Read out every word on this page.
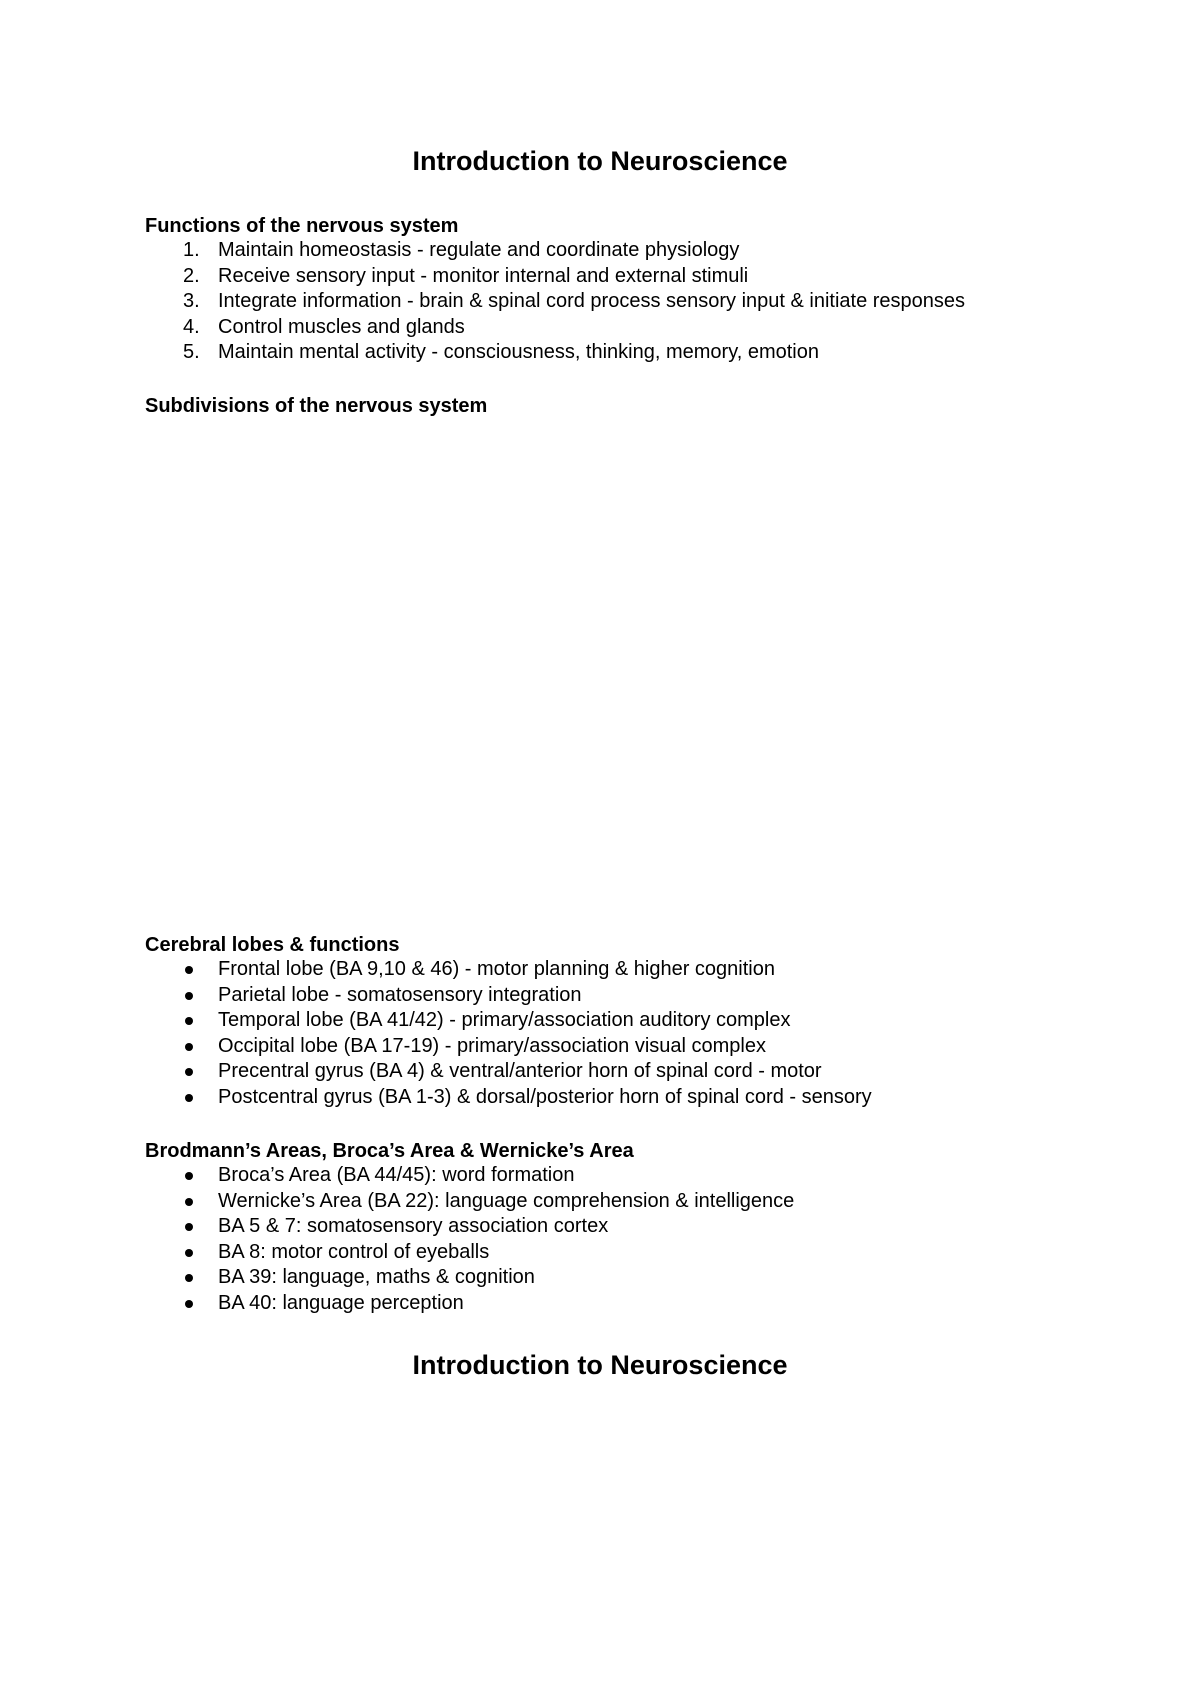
Introduction to Neuroscience
Functions of the nervous system
1. Maintain homeostasis - regulate and coordinate physiology
2. Receive sensory input - monitor internal and external stimuli
3. Integrate information - brain & spinal cord process sensory input & initiate responses
4. Control muscles and glands
5. Maintain mental activity - consciousness, thinking, memory, emotion
Subdivisions of the nervous system
Cerebral lobes & functions
Frontal lobe (BA 9,10 & 46) - motor planning & higher cognition
Parietal lobe - somatosensory integration
Temporal lobe (BA 41/42) - primary/association auditory complex
Occipital lobe (BA 17-19) - primary/association visual complex
Precentral gyrus (BA 4) & ventral/anterior horn of spinal cord - motor
Postcentral gyrus (BA 1-3) & dorsal/posterior horn of spinal cord - sensory
Brodmann’s Areas, Broca’s Area & Wernicke’s Area
Broca’s Area (BA 44/45): word formation
Wernicke’s Area (BA 22): language comprehension & intelligence
BA 5 & 7: somatosensory association cortex
BA 8: motor control of eyeballs
BA 39: language, maths & cognition
BA 40: language perception
Introduction to Neuroscience
